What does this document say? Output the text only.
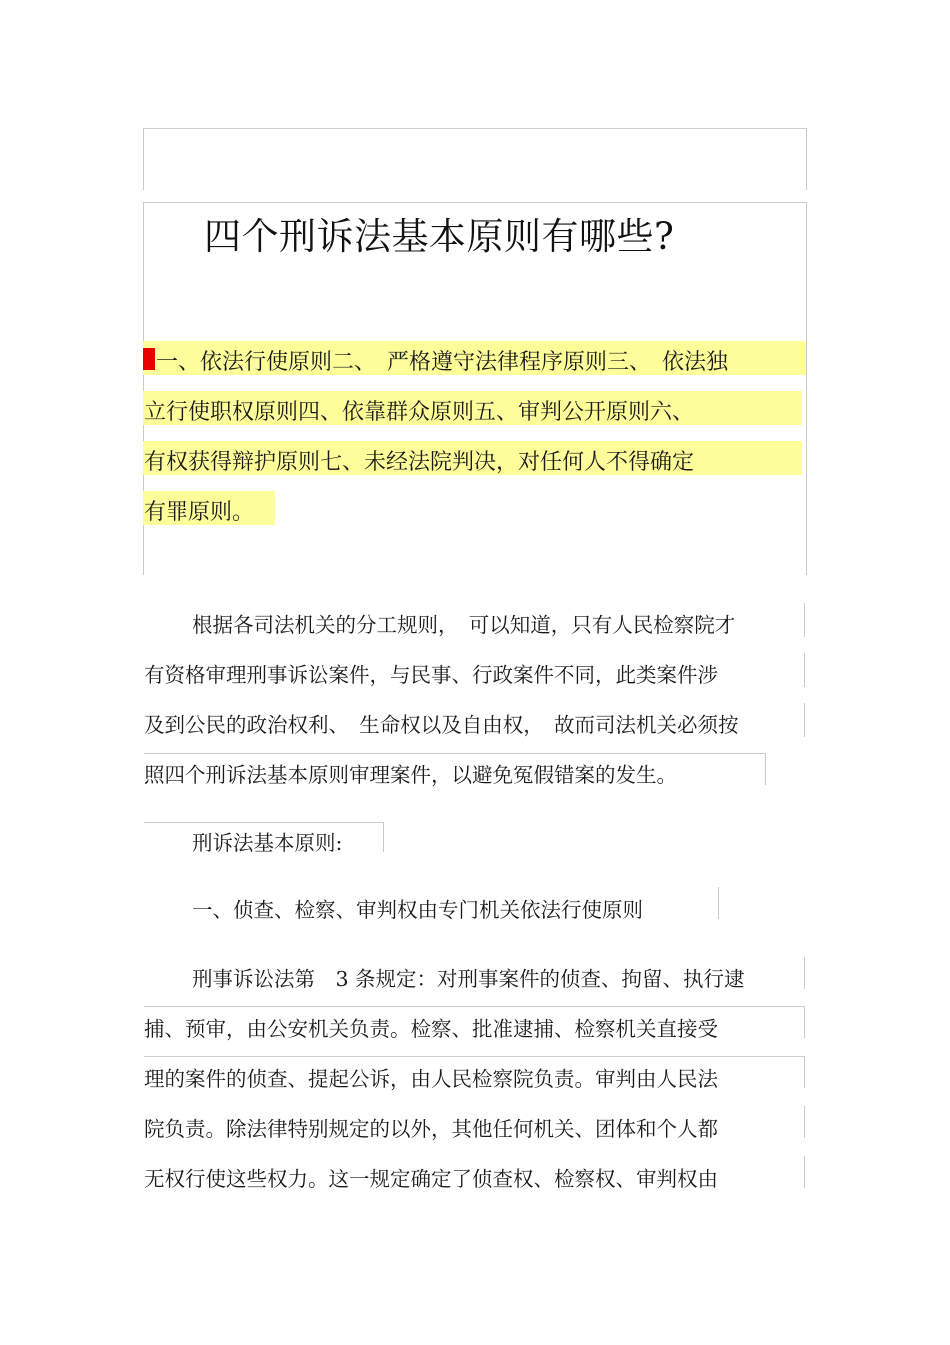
四个刑诉法基本原则有哪些?
一、依法行使原则二、　严格遵守法律程序原则三、　依法独
立行使职权原则四、依靠群众原则五、审判公开原则六、
有权获得辩护原则七、未经法院判决，对任何人不得确定
有罪原则。
根据各司法机关的分工规则，　可以知道，只有人民检察院才
有资格审理刑事诉讼案件，与民事、行政案件不同，此类案件涉
及到公民的政治权利、　生命权以及自由权，　故而司法机关必须按
照四个刑诉法基本原则审理案件，以避免冤假错案的发生。
刑诉法基本原则:
一、侦查、检察、审判权由专门机关依法行使原则
刑事诉讼法第　3 条规定：对刑事案件的侦查、拘留、执行逮
捕、预审，由公安机关负责。检察、批准逮捕、检察机关直接受
理的案件的侦查、提起公诉，由人民检察院负责。审判由人民法
院负责。除法律特别规定的以外，其他任何机关、团体和个人都
无权行使这些权力。这一规定确定了侦查权、检察权、审判权由
